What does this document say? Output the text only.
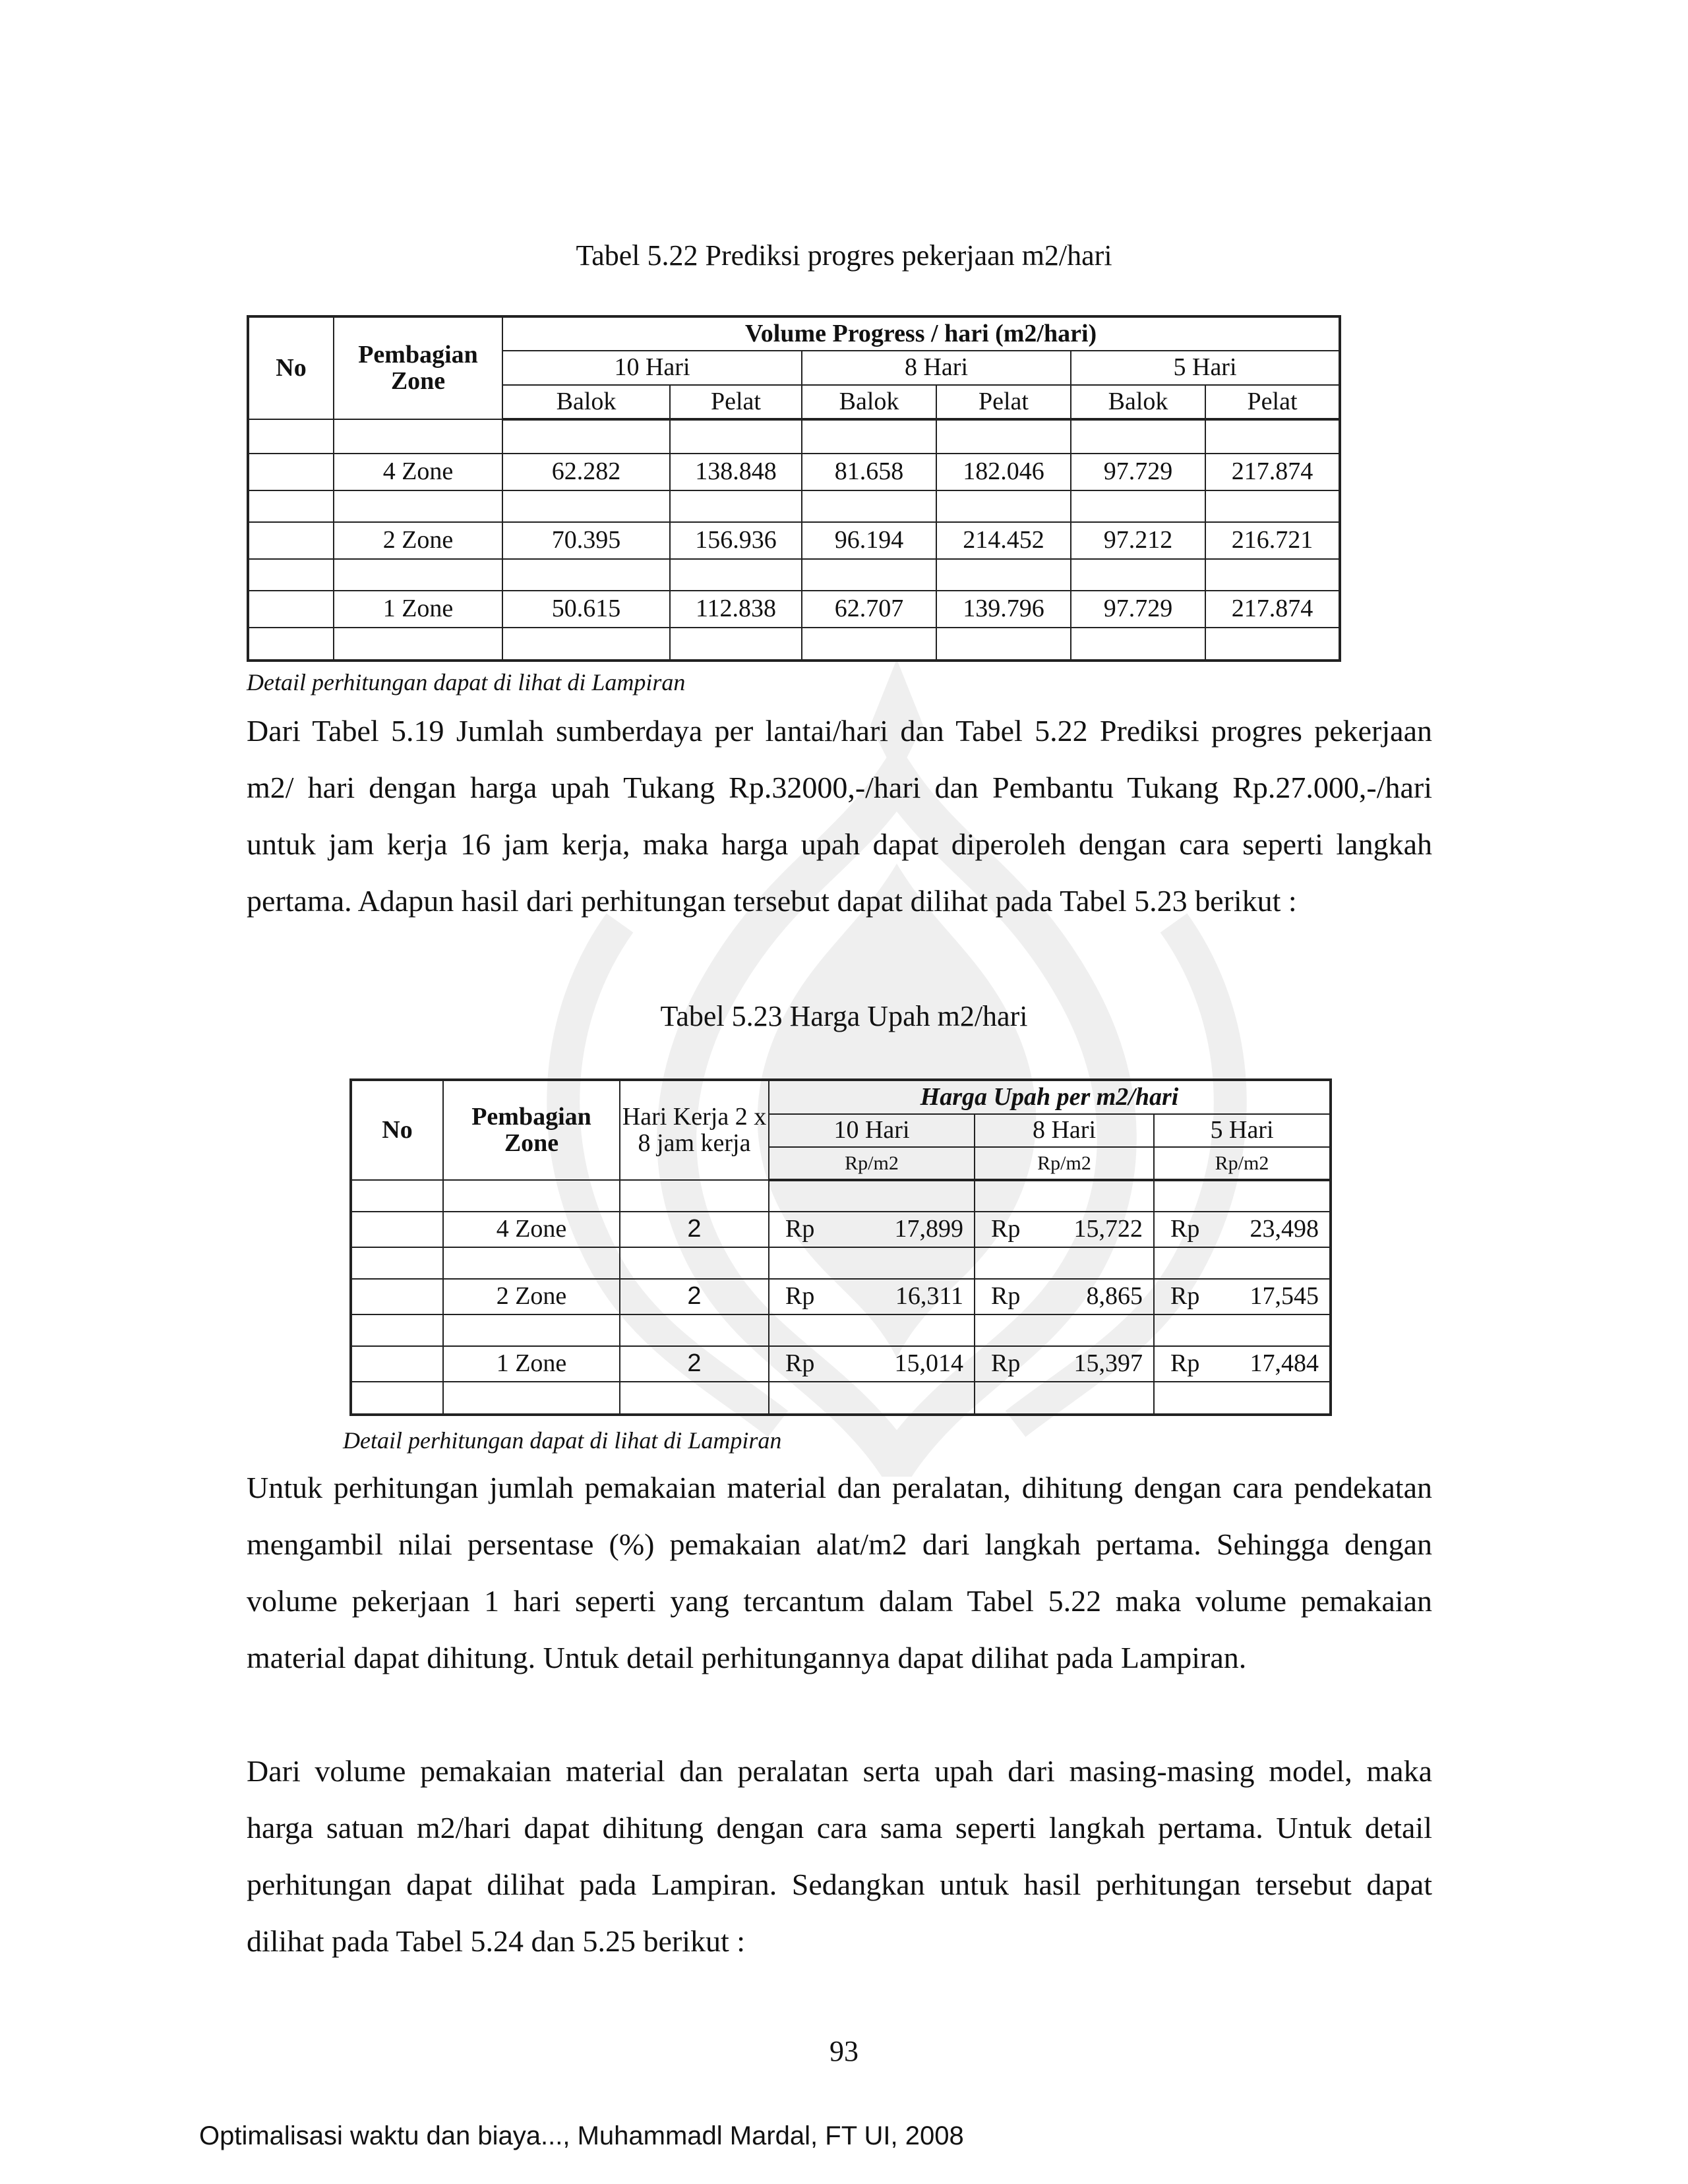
Tabel 5.22 Prediksi progres pekerjaan m2/hari
No	Pembagian Zone	Volume Progress / hari (m2/hari)					
		10 Hari		8 Hari		5 Hari	
		Balok	Pelat	Balok	Pelat	Balok	Pelat

	4 Zone	62.282	138.848	81.658	182.046	97.729	217.874

	2 Zone	70.395	156.936	96.194	214.452	97.212	216.721

	1 Zone	50.615	112.838	62.707	139.796	97.729	217.874

Detail perhitungan dapat di lihat di Lampiran

Dari Tabel 5.19 Jumlah sumberdaya per lantai/hari dan Tabel 5.22 Prediksi progres pekerjaan m2/ hari dengan harga upah Tukang Rp.32000,-/hari dan Pembantu Tukang Rp.27.000,-/hari untuk jam kerja 16 jam kerja, maka harga upah dapat diperoleh dengan cara seperti langkah pertama. Adapun hasil dari perhitungan tersebut dapat dilihat pada Tabel 5.23 berikut :

Tabel 5.23 Harga Upah m2/hari
No	Pembagian Zone	Hari Kerja 2 x 8 jam kerja	Harga Upah per m2/hari		
			10 Hari	8 Hari	5 Hari
			Rp/m2	Rp/m2	Rp/m2

	4 Zone	2	Rp 17,899	Rp 15,722	Rp 23,498

	2 Zone	2	Rp 16,311	Rp 8,865	Rp 17,545

	1 Zone	2	Rp 15,014	Rp 15,397	Rp 17,484

Detail perhitungan dapat di lihat di Lampiran

Untuk perhitungan jumlah pemakaian material dan peralatan, dihitung dengan cara pendekatan mengambil nilai persentase (%) pemakaian alat/m2 dari langkah pertama. Sehingga dengan volume pekerjaan 1 hari seperti yang tercantum dalam Tabel 5.22 maka volume pemakaian material dapat dihitung. Untuk detail perhitungannya dapat dilihat pada Lampiran.

Dari volume pemakaian material dan peralatan serta upah dari masing-masing model, maka harga satuan m2/hari dapat dihitung dengan cara sama seperti langkah pertama. Untuk detail perhitungan dapat dilihat pada Lampiran. Sedangkan untuk hasil perhitungan tersebut dapat dilihat pada Tabel 5.24 dan 5.25 berikut :

93
Optimalisasi waktu dan biaya..., Muhammadl Mardal, FT UI, 2008
